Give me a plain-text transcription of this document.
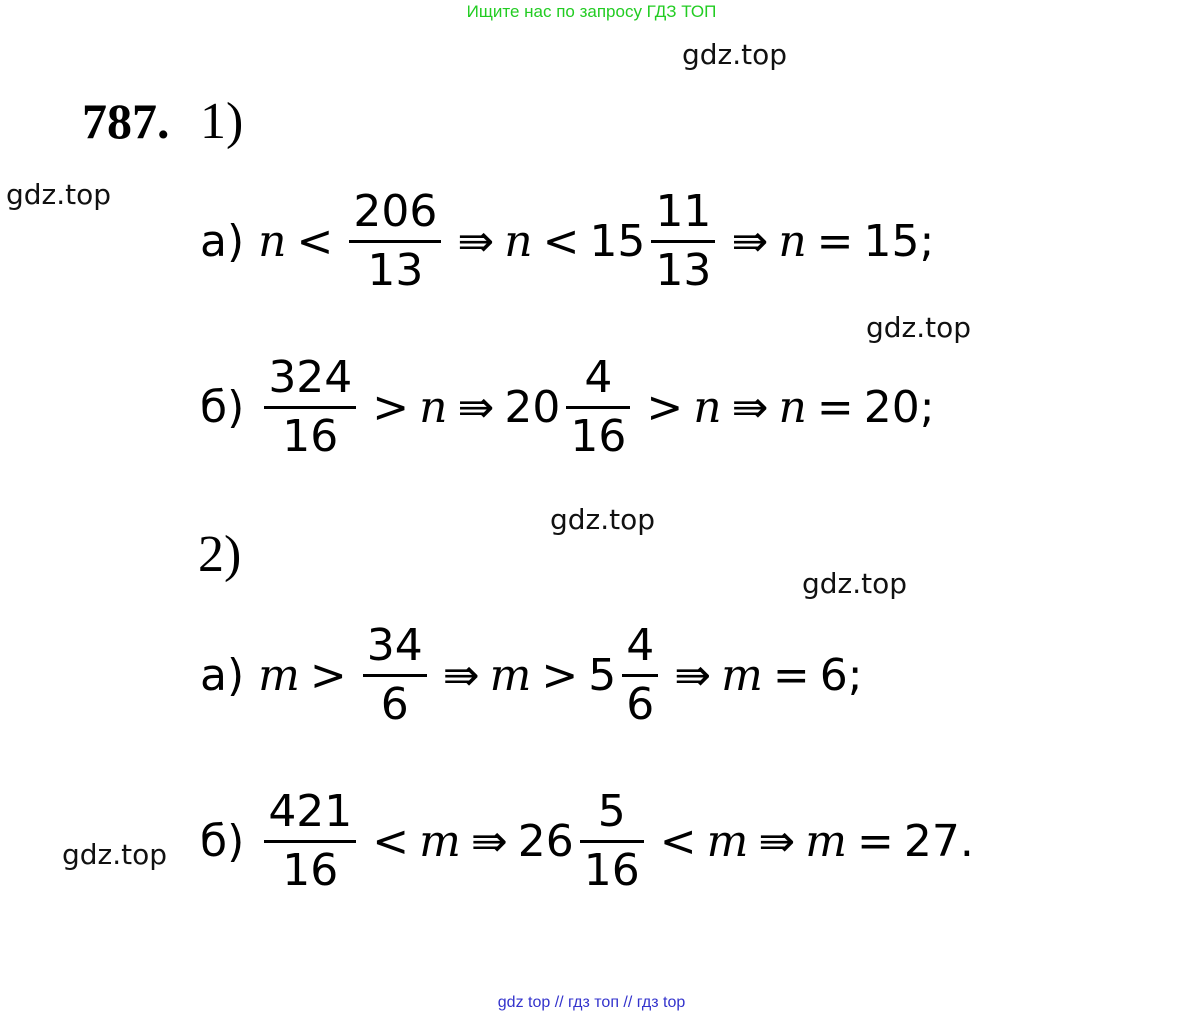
Ищите нас по запросу ГДЗ ТОП
gdz.top
gdz.top
gdz.top
gdz.top
gdz.top
gdz.top
787. 1)
а) $n < \frac{206}{13}$ ⇛ $n < 15 \frac{11}{13}$ ⇛ n = 15;
$б) \frac{324}{16} > n$ ⇛ $20 \frac{4}{16} > n$ ⇛ n = 20;
2)
а) $m > \frac{34}{6}$ ⇛ $m > 5 \frac{4}{6}$ ⇛ m = 6;
$б) \frac{421}{16} < m$ ⇛ $26 \frac{5}{16} < m$ ⇛ m = 27.
gdz top // гдз топ // гдз top
